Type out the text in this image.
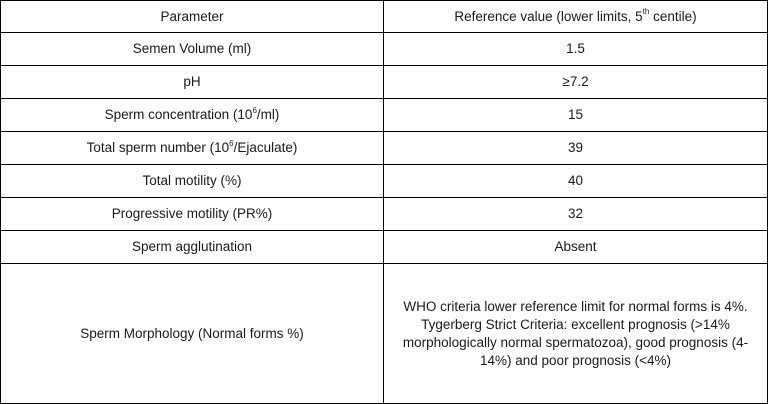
Parameter	Reference value (lower limits, 5th centile)
Semen Volume (ml)	1.5
pH	≥7.2
Sperm concentration $(10^6/ml)$	15
Total sperm number $(10^6/Ejaculate)$	39
Total motility (%)	40
Progressive motility (PR%)	32
Sperm agglutination	Absent
Sperm Morphology (Normal forms %)	WHO criteria lower reference limit for normal forms is 4%.
Tygerberg Strict Criteria: excellent prognosis (>14% morphologically normal spermatozoa), good prognosis (4- 14%) and poor prognosis (<4%)
